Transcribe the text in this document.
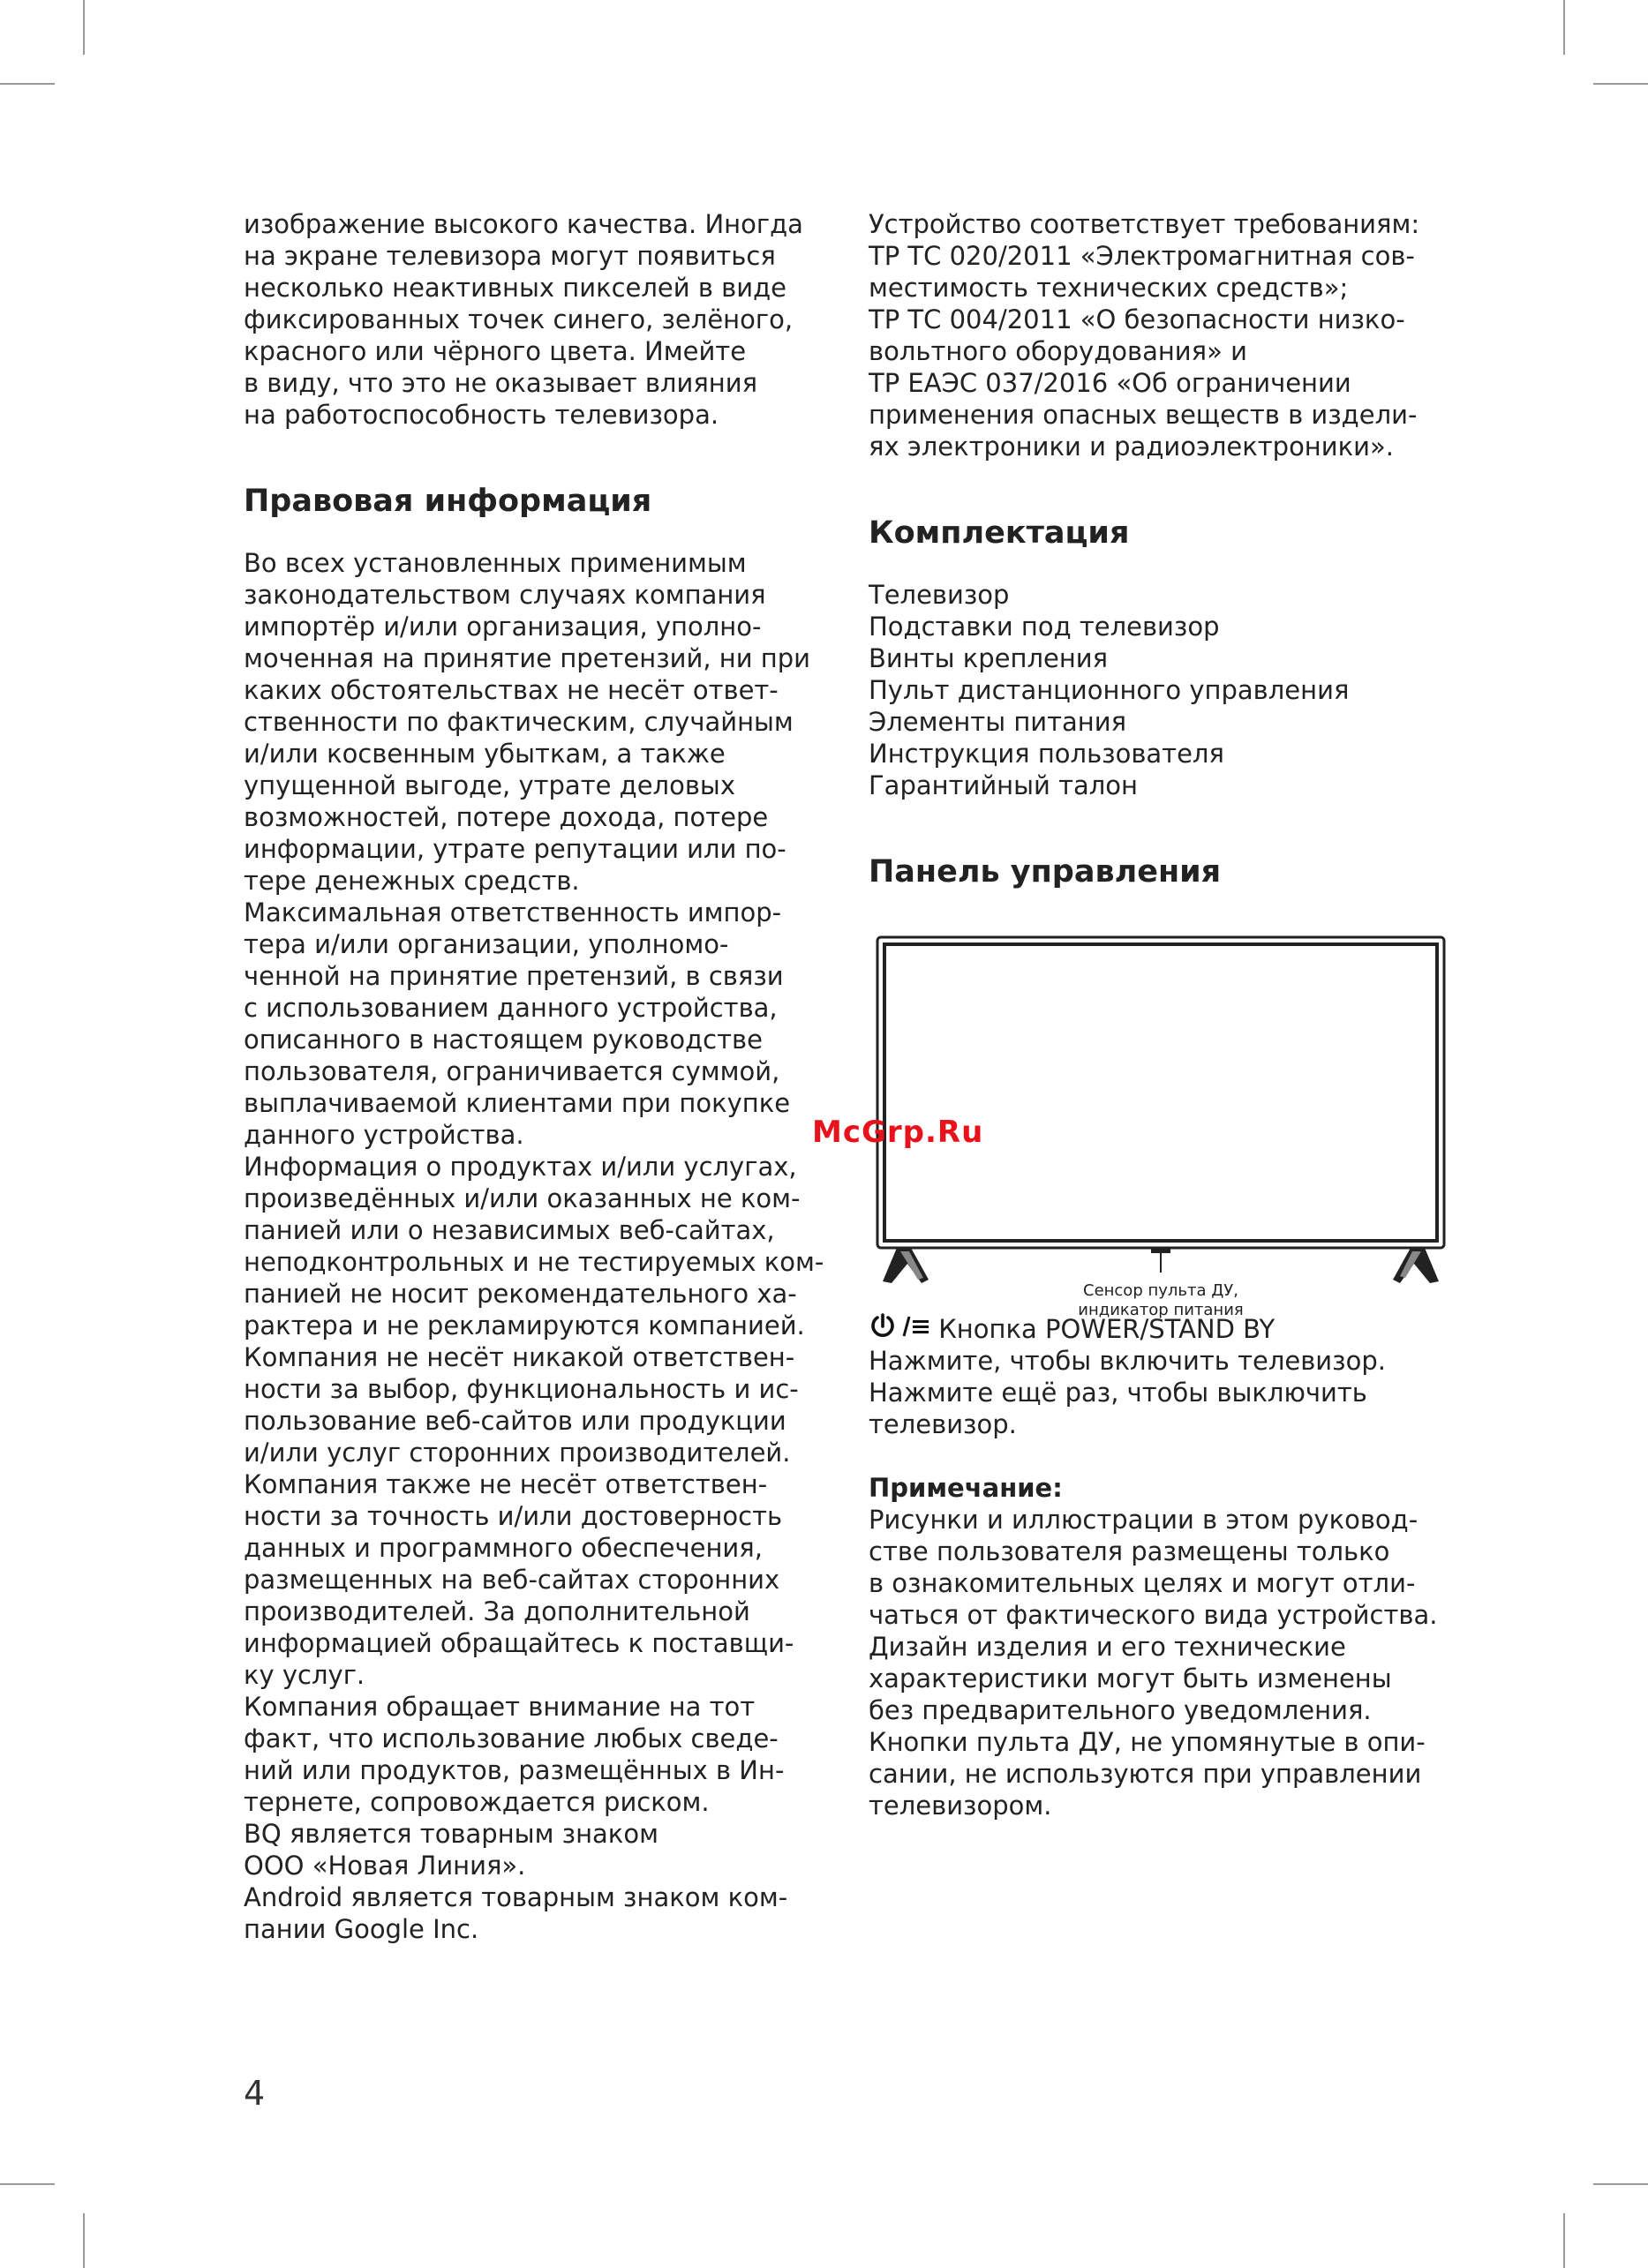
изображение высокого качества. Иногда
на экране телевизора могут появиться
несколько неактивных пикселей в виде
фиксированных точек синего, зелёного,
красного или чёрного цвета. Имейте
в виду, что это не оказывает влияния
на работоспособность телевизора.
Правовая информация
Во всех установленных применимым
законодательством случаях компания
импортёр и/или организация, уполно-
моченная на принятие претензий, ни при
каких обстоятельствах не несёт ответ-
ственности по фактическим, случайным
и/или косвенным убыткам, а также
упущенной выгоде, утрате деловых
возможностей, потере дохода, потере
информации, утрате репутации или по-
тере денежных средств.
Максимальная ответственность импор-
тера и/или организации, уполномо-
ченной на принятие претензий, в связи
с использованием данного устройства,
описанного в настоящем руководстве
пользователя, ограничивается суммой,
выплачиваемой клиентами при покупке
данного устройства.
Информация о продуктах и/или услугах,
произведённых и/или оказанных не ком-
панией или о независимых веб-сайтах,
неподконтрольных и не тестируемых ком-
панией не носит рекомендательного ха-
рактера и не рекламируются компанией.
Компания не несёт никакой ответствен-
ности за выбор, функциональность и ис-
пользование веб-сайтов или продукции
и/или услуг сторонних производителей.
Компания также не несёт ответствен-
ности за точность и/или достоверность
данных и программного обеспечения,
размещенных на веб-сайтах сторонних
производителей. За дополнительной
информацией обращайтесь к поставщи-
ку услуг.
Компания обращает внимание на тот
факт, что использование любых сведе-
ний или продуктов, размещённых в Ин-
тернете, сопровождается риском.
BQ является товарным знаком
ООО «Новая Линия».
Android является товарным знаком ком-
пании Google Inc.
Устройство соответствует требованиям:
ТР ТС 020/2011 «Электромагнитная сов-
местимость технических средств»;
ТР ТС 004/2011 «О безопасности низко-
вольтного оборудования» и
ТР ЕАЭС 037/2016 «Об ограничении
применения опасных веществ в издели-
ях электроники и радиоэлектроники».
Комплектация
Телевизор
Подставки под телевизор
Винты крепления
Пульт дистанционного управления
Элементы питания
Инструкция пользователя
Гарантийный талон
Панель управления
Кнопка POWER/STAND BY
Нажмите, чтобы включить телевизор.
Нажмите ещё раз, чтобы выключить
телевизор.
Примечание:
Рисунки и иллюстрации в этом руковод-
стве пользователя размещены только
в ознакомительных целях и могут отли-
чаться от фактического вида устройства.
Дизайн изделия и его технические
характеристики могут быть изменены
без предварительного уведомления.
Кнопки пульта ДУ, не упомянутые в опи-
сании, не используются при управлении
телевизором.
Сенсор пульта ДУ,
индикатор питания
McGrp.Ru
4
